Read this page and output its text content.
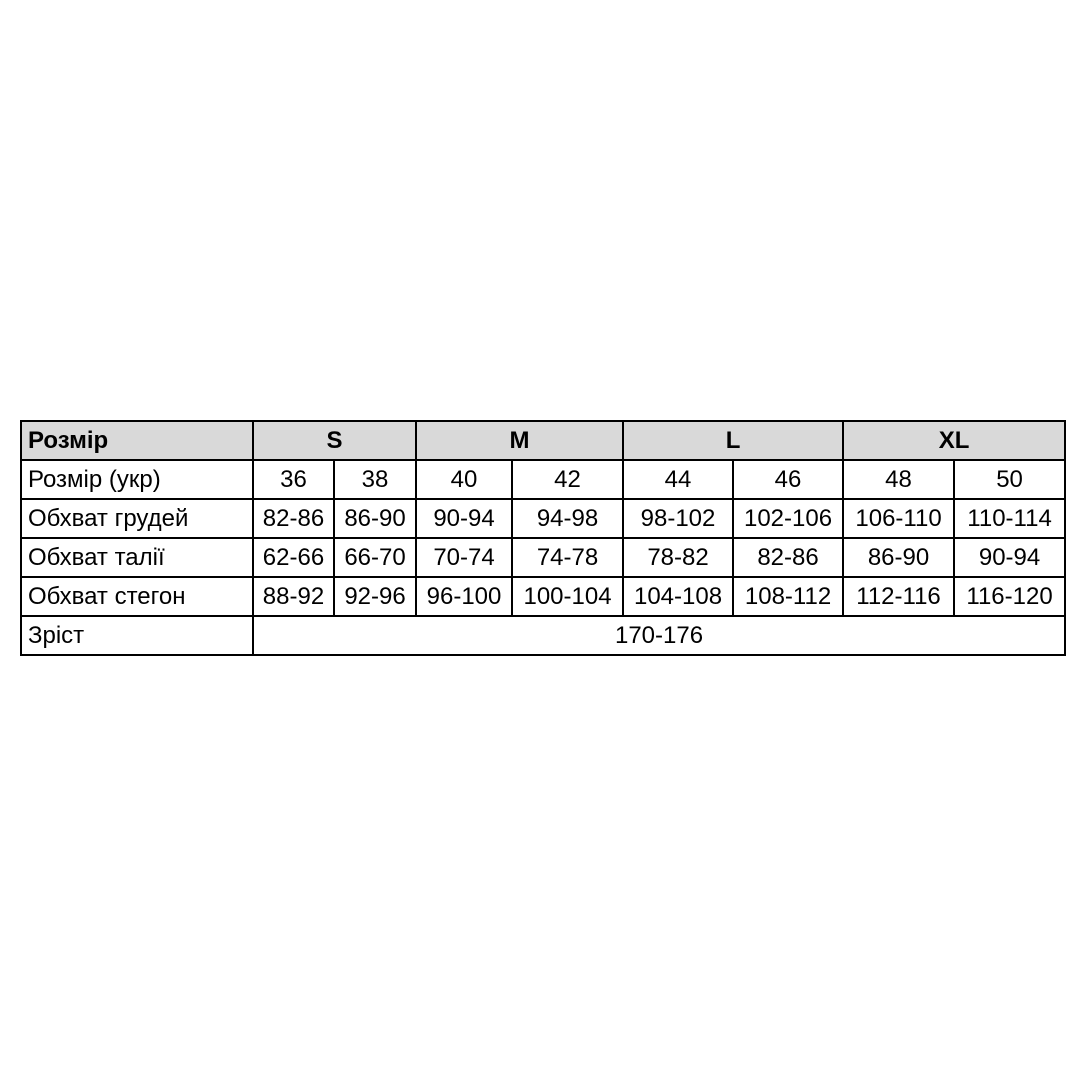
Розмір	S		M		L		XL	
Розмір (укр)	36	38	40	42	44	46	48	50
Обхват грудей	82-86	86-90	90-94	94-98	98-102	102-106	106-110	110-114
Обхват талії	62-66	66-70	70-74	74-78	78-82	82-86	86-90	90-94
Обхват стегон	88-92	92-96	96-100	100-104	104-108	108-112	112-116	116-120
Зріст	170-176							
